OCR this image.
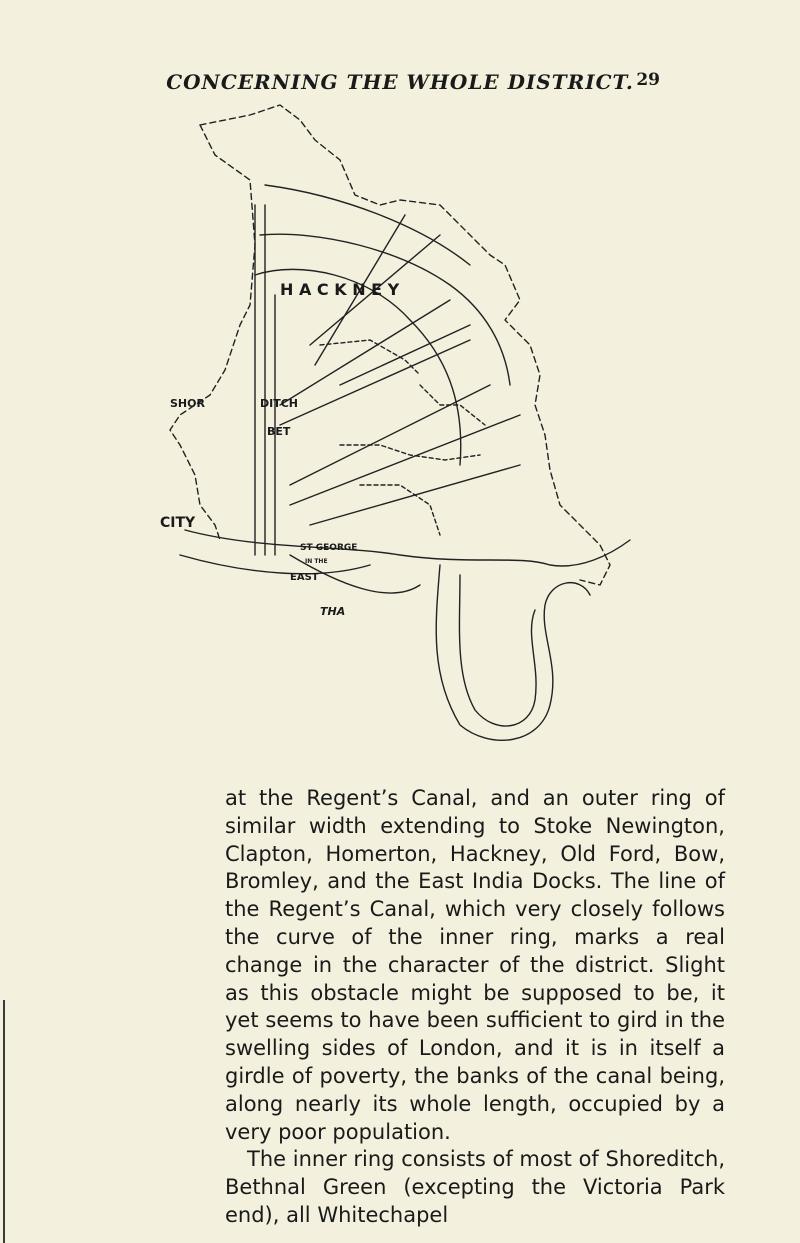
CONCERNING THE WHOLE DISTRICT. 29
H A C K N E Y
SHOR	DITCH
CITY
BET
ST GEORGE
IN THE
EAST
THA

at the Regent’s Canal, and an outer ring of similar width extending to Stoke Newington, Clapton, Homerton, Hackney, Old Ford, Bow, Bromley, and the East India Docks. The line of the Regent’s Canal, which very closely follows the curve of the inner ring, marks a real change in the character of the district. Slight as this obstacle might be supposed to be, it yet seems to have been sufficient to gird in the swelling sides of London, and it is in itself a girdle of poverty, the banks of the canal being, along nearly its whole length, occupied by a very poor population.

The inner ring consists of most of Shoreditch, Bethnal Green (excepting the Victoria Park end), all Whitechapel
